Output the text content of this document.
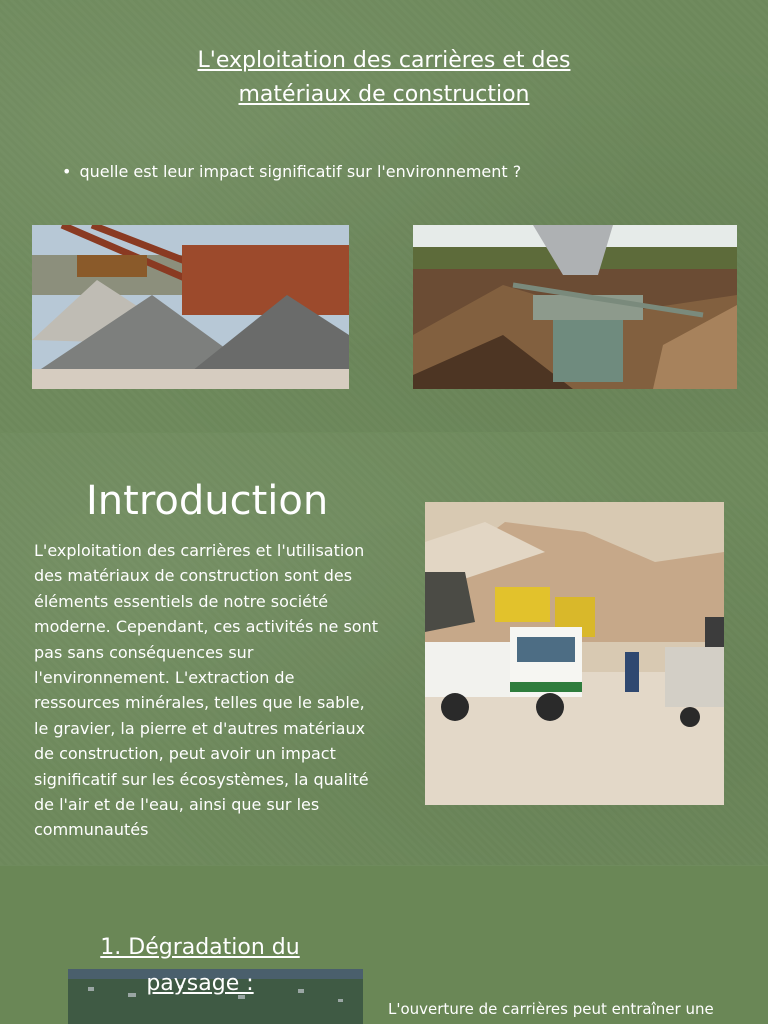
L'exploitation des carrières et des matériaux de construction
• quelle est leur impact significatif sur l'environnement ?
Introduction
L'exploitation des carrières et l'utilisation des matériaux de construction sont des éléments essentiels de notre société moderne. Cependant, ces activités ne sont pas sans conséquences sur l'environnement. L'extraction de ressources minérales, telles que le sable, le gravier, la pierre et d'autres matériaux de construction, peut avoir un impact significatif sur les écosystèmes, la qualité de l'air et de l'eau, ainsi que sur les communautés
1. Dégradation du paysage :
L'ouverture de carrières peut entraîner une
